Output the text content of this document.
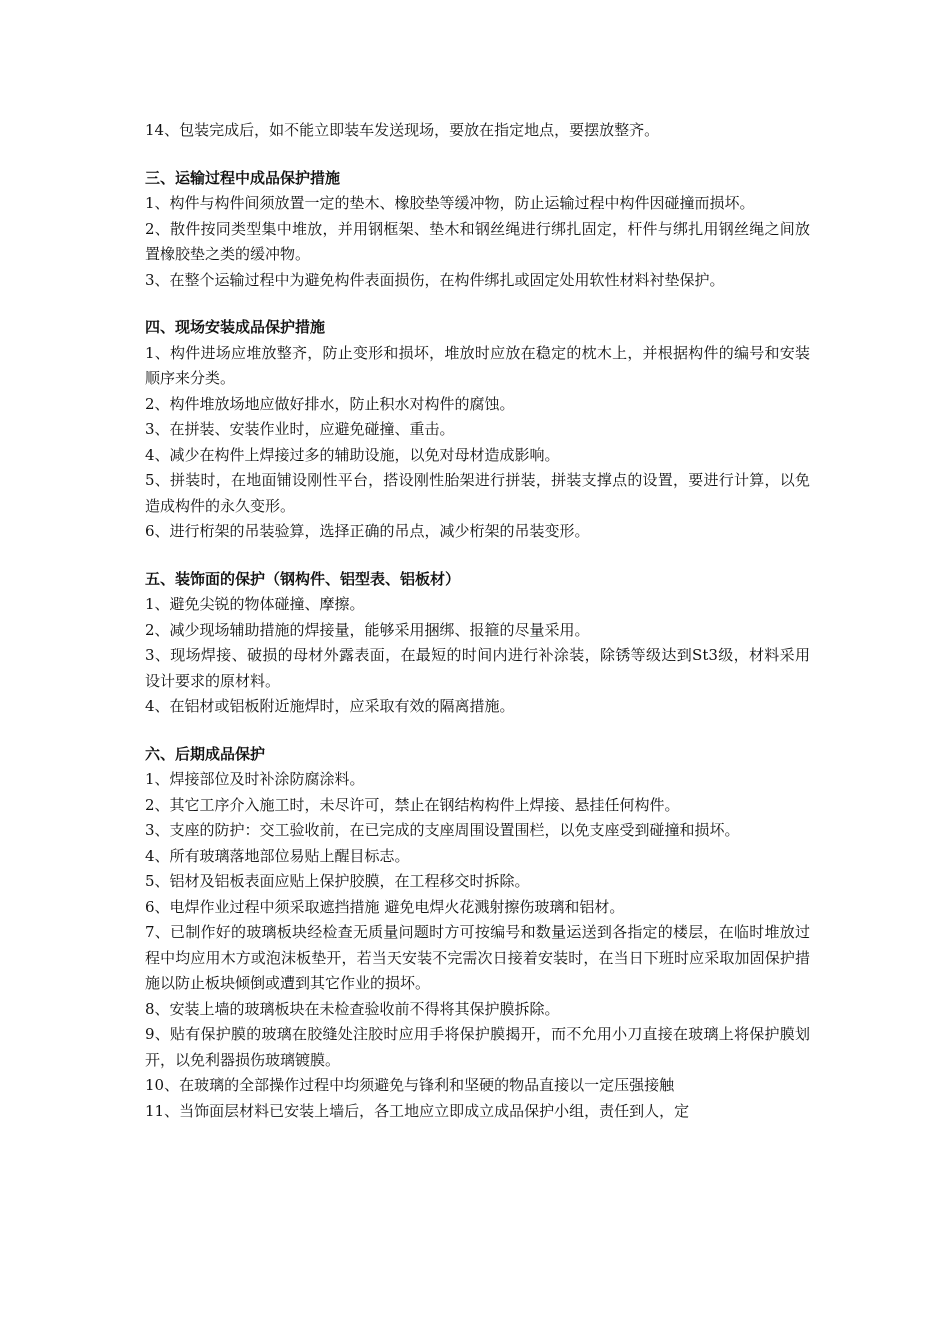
14、包装完成后，如不能立即装车发送现场，要放在指定地点，要摆放整齐。

三、运输过程中成品保护措施

1、构件与构件间须放置一定的垫木、橡胶垫等缓冲物，防止运输过程中构件因碰撞而损坏。

2、散件按同类型集中堆放，并用钢框架、垫木和钢丝绳进行绑扎固定，杆件与绑扎用钢丝绳之间放置橡胶垫之类的缓冲物。

3、在整个运输过程中为避免构件表面损伤，在构件绑扎或固定处用软性材料衬垫保护。

四、现场安装成品保护措施

1、构件进场应堆放整齐，防止变形和损坏，堆放时应放在稳定的枕木上，并根据构件的编号和安装顺序来分类。

2、构件堆放场地应做好排水，防止积水对构件的腐蚀。

3、在拼装、安装作业时，应避免碰撞、重击。

4、减少在构件上焊接过多的辅助设施，以免对母材造成影响。

5、拼装时，在地面铺设刚性平台，搭设刚性胎架进行拼装，拼装支撑点的设置，要进行计算，以免造成构件的永久变形。

6、进行桁架的吊装验算，选择正确的吊点，减少桁架的吊装变形。

五、装饰面的保护（钢构件、铝型表、铝板材）

1、避免尖锐的物体碰撞、摩擦。

2、减少现场辅助措施的焊接量，能够采用捆绑、报箍的尽量采用。

3、现场焊接、破损的母材外露表面，在最短的时间内进行补涂装，除锈等级达到St3级，材料采用设计要求的原材料。

4、在铝材或铝板附近施焊时，应采取有效的隔离措施。

六、后期成品保护

1、焊接部位及时补涂防腐涂料。

2、其它工序介入施工时，未尽许可，禁止在钢结构构件上焊接、悬挂任何构件。

3、支座的防护：交工验收前，在已完成的支座周围设置围栏，以免支座受到碰撞和损坏。

4、所有玻璃落地部位易贴上醒目标志。

5、铝材及铝板表面应贴上保护胶膜，在工程移交时拆除。

6、电焊作业过程中须采取遮挡措施 避免电焊火花溅射擦伤玻璃和铝材。

7、已制作好的玻璃板块经检查无质量问题时方可按编号和数量运送到各指定的楼层，在临时堆放过程中均应用木方或泡沫板垫开，若当天安装不完需次日接着安装时，在当日下班时应采取加固保护措施以防止板块倾倒或遭到其它作业的损坏。

8、安装上墙的玻璃板块在未检查验收前不得将其保护膜拆除。

9、贴有保护膜的玻璃在胶缝处注胶时应用手将保护膜揭开，而不允用小刀直接在玻璃上将保护膜划开，以免利器损伤玻璃镀膜。

10、在玻璃的全部操作过程中均须避免与锋利和坚硬的物品直接以一定压强接触

11、当饰面层材料已安装上墙后，各工地应立即成立成品保护小组，责任到人，定
